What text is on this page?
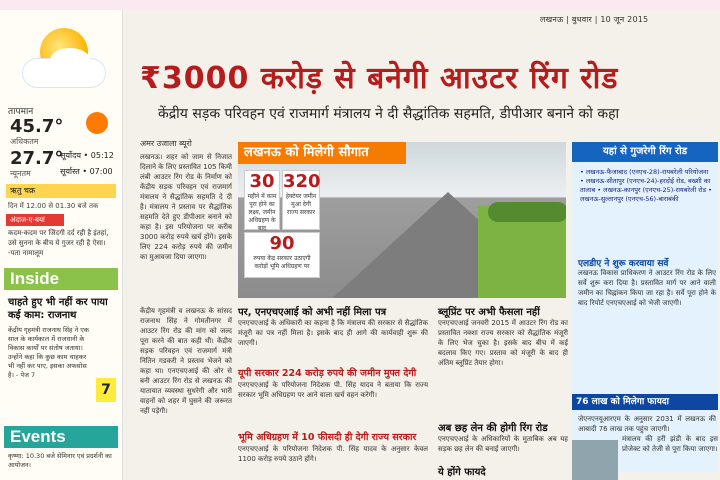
लखनऊ | बुधवार | 10 जून 2015
तापमान
45.7°
अधिकतम
27.7°
न्यूनतम
सूर्योदय • 05:12
सूर्यास्त • 07:00
ऋतु चक्र
दिन में 12.00 से 01.30 बजे तक
अंदाज-ए-बयां
कदम-कदम पर जिंदगी दर्द रही है इंतहां, उसे सुनना के बीच ये गुजर रही है ऐसा। -पता नामालूम
Inside
चाहते हुए भी नहीं कर पाया कई काम: राजनाथ
केंद्रीय गृहमंत्री राजनाथ सिंह ने एक साल के कार्यकाल में राजधानी के विकास कार्यों पर संतोष जताया। उन्होंने कहा कि कुछ काम चाहकर भी नहीं कर पाए, इसका अफसोस है। - पेज 7
7
Events
कृष्णा: 10.30 बजे सेमिनार एवं प्रदर्शनी का आयोजन।
₹3000 करोड़ से बनेगी आउटर रिंग रोड
केंद्रीय सड़क परिवहन एवं राजमार्ग मंत्रालय ने दी सैद्धांतिक सहमति, डीपीआर बनाने को कहा
अमर उजाला ब्यूरो
लखनऊ। शहर को जाम से निजात दिलाने के लिए प्रस्तावित 105 किमी लंबी आउटर रिंग रोड के निर्माण को केंद्रीय सड़क परिवहन एवं राजमार्ग मंत्रालय ने सैद्धांतिक सहमति दे दी है। मंत्रालय ने प्रस्ताव पर सैद्धांतिक सहमति देते हुए डीपीआर बनाने को कहा है। इस परियोजना पर करीब 3000 करोड़ रुपये खर्च होंगे। इसके लिए 224 करोड़ रुपये की जमीन का मुआवजा दिया जाएगा।
केंद्रीय गृहमंत्री व लखनऊ के सांसद राजनाथ सिंह ने गोमतीनगर में आउटर रिंग रोड की मांग को जल्द पूरा करने की बात कही थी। केंद्रीय सड़क परिवहन एवं राजमार्ग मंत्री नितिन गडकरी ने प्रस्ताव भेजने को कहा था। एनएचएआई की ओर से बनी आउटर रिंग रोड से लखनऊ की यातायात व्यवस्था सुधरेगी और भारी वाहनों को शहर में घुसने की जरूरत नहीं पड़ेगी।
लखनऊ को मिलेगी सौगात
30
महीने में काम पूरा होने का लक्ष्य, जमीन अधिग्रहण के बाद
320
हेक्टेयर जमीन मुआ देगी राज्य सरकार
90
रुपया केंद्र सरकार उठाएगी करोड़ों भूमि अधिग्रहण पर
पर, एनएचएआई को अभी नहीं मिला पत्र
एनएचएआई के अधिकारी का कहना है कि मंत्रालय की सरकार से सैद्धांतिक मंजूरी का पत्र नहीं मिला है। इसके बाद ही आगे की कार्यवाही शुरू की जाएगी।
यूपी सरकार 224 करोड़ रुपये की जमीन मुफ्त देगी
एनएचएआई के परियोजना निदेशक पी. सिंह यादव ने बताया कि राज्य सरकार भूमि अधिग्रहण पर आने वाला खर्च वहन करेगी।
भूमि अधिग्रहण में 10 फीसदी ही देगी राज्य सरकार
एनएचएआई के परियोजना निदेशक पी. सिंह यादव के अनुसार केवल 1100 करोड़ रुपये उठाने होंगे।
ब्लूप्रिंट पर अभी फैसला नहीं
एनएचएआई जनवरी 2015 में आउटर रिंग रोड का प्रस्तावित नक्शा राज्य सरकार को सैद्धांतिक मंजूरी के लिए भेज चुका है। इसके बाद बीच में कई बदलाव किए गए। प्रस्ताव को मंजूरी के बाद ही अंतिम ब्लूप्रिंट तैयार होगा।
अब छह लेन की होगी रिंग रोड
एनएचएआई के अधिकारियों के मुताबिक अब यह सड़क छह लेन की बनाई जाएगी।
ये होंगे फायदे
यहां से गुजरेगी रिंग रोड
• लखनऊ-फैजाबाद (एनएच-28)-रायबरेली परियोजना • लखनऊ-सीतापुर (एनएच-24)-हरदोई रोड, बख्शी का तालाब • लखनऊ-कानपुर (एनएच-25)-रायबरेली रोड • लखनऊ-सुल्तानपुर (एनएच-56)-बाराबंकी
एलडीए ने शुरू करवाया सर्वे
लखनऊ विकास प्राधिकरण ने आउटर रिंग रोड के लिए सर्वे शुरू करा दिया है। प्रस्तावित मार्ग पर आने वाली जमीन का चिह्नांकन किया जा रहा है। सर्वे पूरा होने के बाद रिपोर्ट एनएचएआई को भेजी जाएगी।
76 लाख को मिलेगा फायदा
जेएनएनयूआरएम के अनुसार 2031 में लखनऊ की आबादी 76 लाख तक पहुंच जाएगी।
मंत्रालय की हरी झंडी के बाद इस प्रोजेक्ट को तेजी से पूरा किया जाएगा।
